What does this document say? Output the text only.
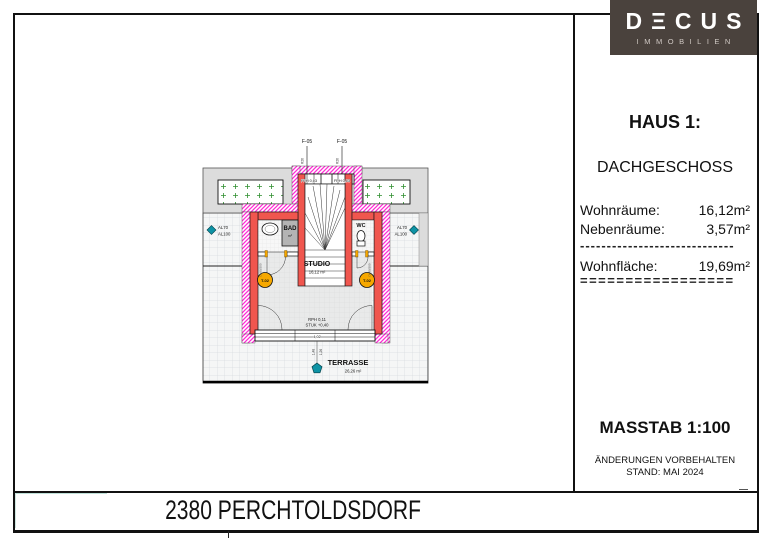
DΞCUS
IMMOBILIEN
HAUS 1:
DACHGESCHOSS
Wohnräume:	16,12m²
Nebenräume:	3,57m²
-----------------------------
Wohnfläche:	19,69m²
=================
MASSTAB 1:100
ÄNDERUNGEN VORBEHALTEN
STAND: MAI 2024
2380 PERCHTOLDSDORF
BAD
m²
WC
T-02	T-02
STUDIO
16,12 m²
RPH 0,11
STUK +0,40
4,02
1,48 1,26
TERRASSE
26,26 m²
AL70
AL100
AL70
AL100
F-05
R26
F-05
R26
FPH 0,03	FPH 0,03
DL80/200	DL80/200
